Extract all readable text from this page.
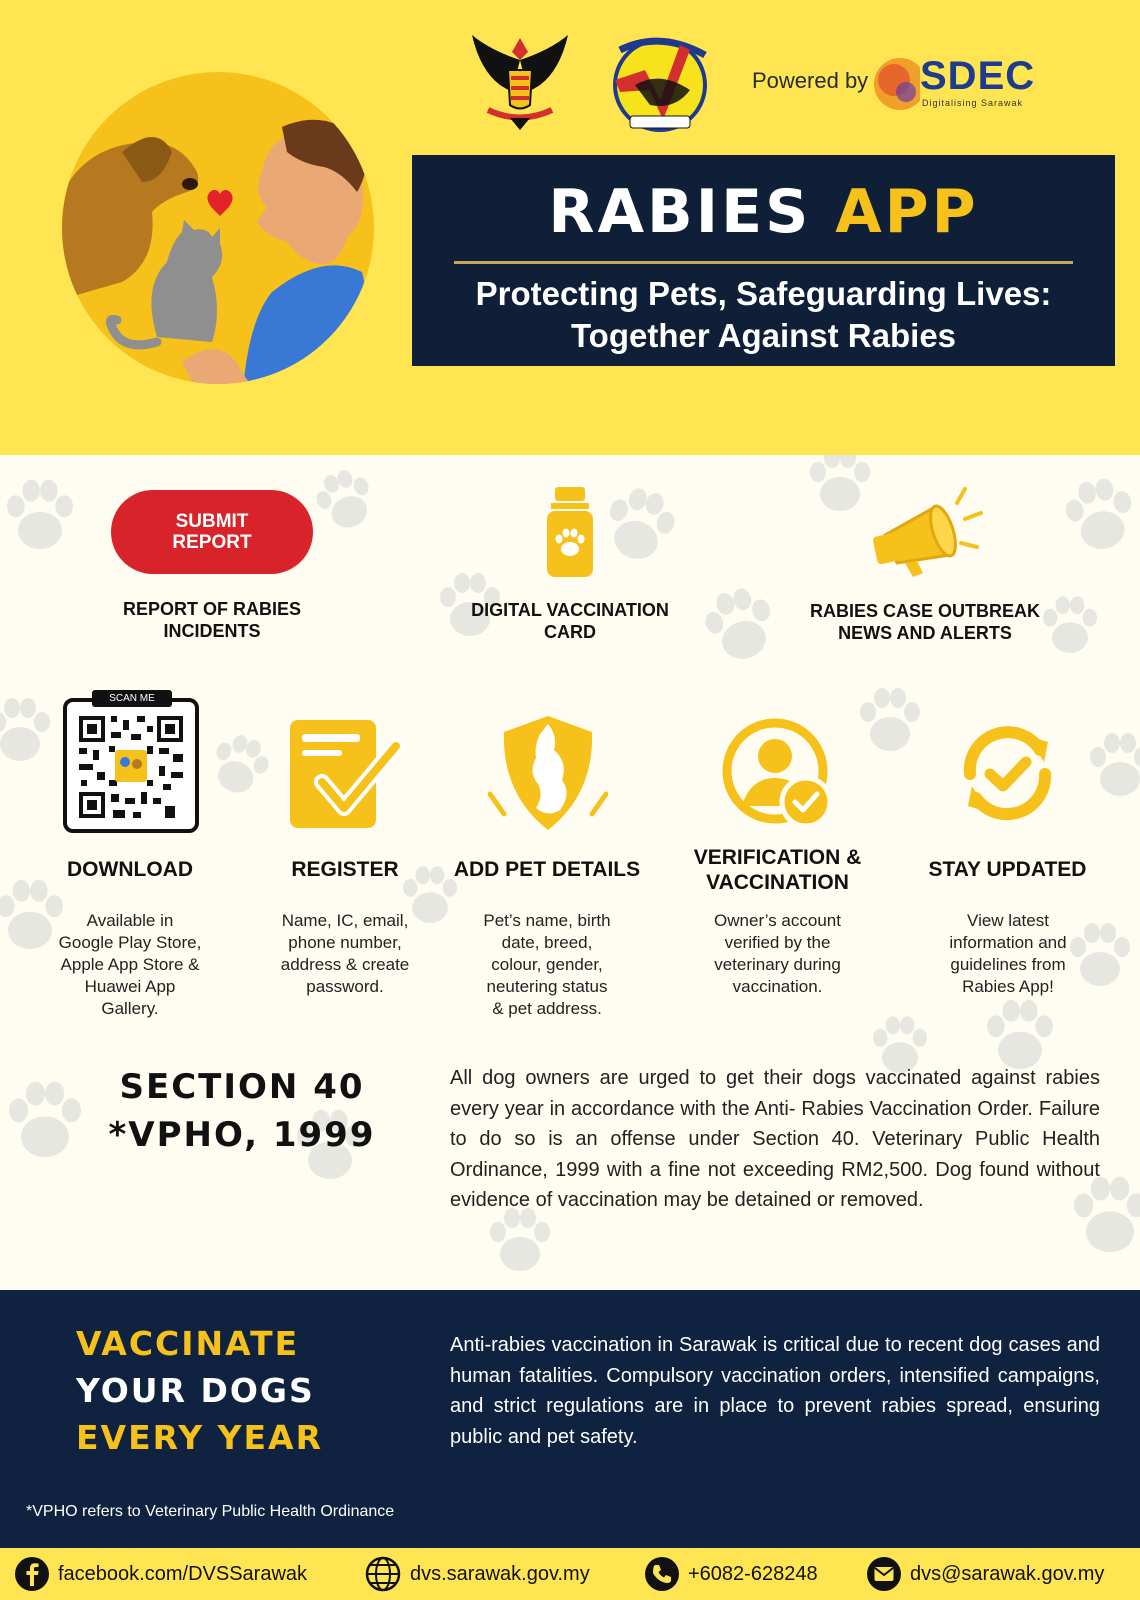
Powered by SDEC
Digitalising Sarawak
RABIES APP
Protecting Pets, Safeguarding Lives:
Together Against Rabies
SUBMIT
REPORT
REPORT OF RABIES
INCIDENTS
DIGITAL VACCINATION
CARD
RABIES CASE OUTBREAK
NEWS AND ALERTS
SCAN ME
DOWNLOAD	REGISTER	ADD PET DETAILS
VERIFICATION &
VACCINATION
STAY UPDATED
Available in
Google Play Store,
Apple App Store &
Huawei App
Gallery.
Name, IC, email,
phone number,
address & create
password.
Pet’s name, birth
date, breed,
colour, gender,
neutering status
& pet address.
Owner’s account
verified by the
veterinary during
vaccination.
View latest
information and
guidelines from
Rabies App!
SECTION 40
*VPHO, 1999
All dog owners are urged to get their dogs vaccinated against rabies every year in accordance with the Anti- Rabies Vaccination Order. Failure to do so is an offense under Section 40. Veterinary Public Health Ordinance, 1999 with a fine not exceeding RM2,500. Dog found without evidence of vaccination may be detained or removed.
VACCINATE
YOUR DOGS
EVERY YEAR
Anti-rabies vaccination in Sarawak is critical due to recent dog cases and human fatalities. Compulsory vaccination orders, intensified campaigns, and strict regulations are in place to prevent rabies spread, ensuring public and pet safety.
*VPHO refers to Veterinary Public Health Ordinance
facebook.com/DVSSarawak	dvs.sarawak.gov.my	+6082-628248	dvs@sarawak.gov.my
